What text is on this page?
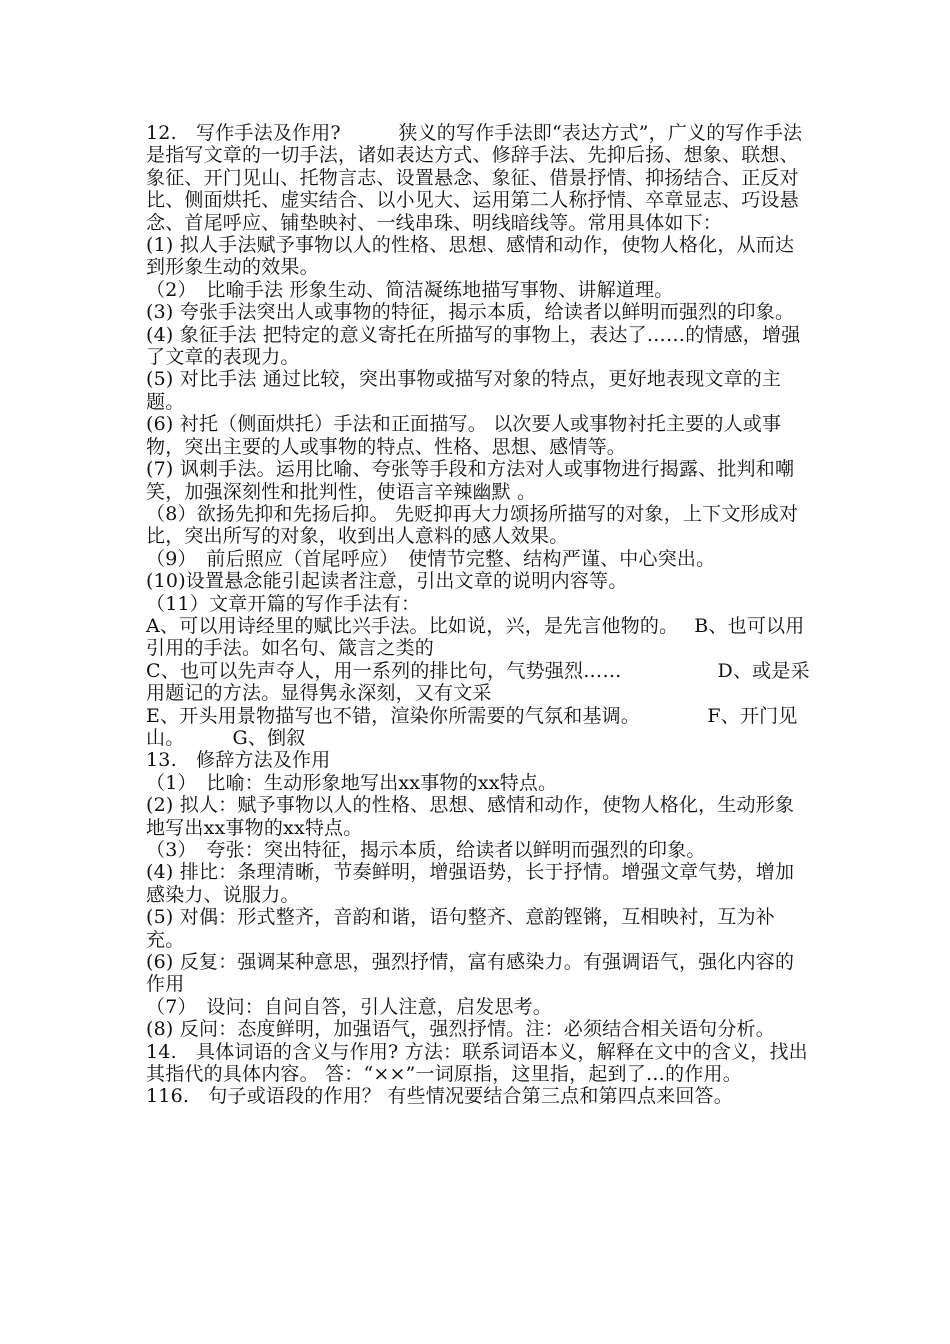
12.　写作手法及作用?　　　狭义的写作手法即“表达方式”，广义的写作手法是指写文章的一切手法，诸如表达方式、修辞手法、先抑后扬、想象、联想、象征、开门见山、托物言志、设置悬念、象征、借景抒情、抑扬结合、正反对比、侧面烘托、虚实结合、以小见大、运用第二人称抒情、卒章显志、巧设悬念、首尾呼应、铺垫映衬、一线串珠、明线暗线等。常用具体如下：

(1) 拟人手法赋予事物以人的性格、思想、感情和动作，使物人格化，从而达到形象生动的效果。

（2）　比喻手法 形象生动、简洁凝练地描写事物、讲解道理。

(3) 夸张手法突出人或事物的特征，揭示本质，给读者以鲜明而强烈的印象。

(4) 象征手法 把特定的意义寄托在所描写的事物上，表达了……的情感，增强了文章的表现力。

(5) 对比手法 通过比较，突出事物或描写对象的特点，更好地表现文章的主题。

(6) 衬托（侧面烘托）手法和正面描写。 以次要人或事物衬托主要的人或事物，突出主要的人或事物的特点、性格、思想、感情等。

(7) 讽刺手法。运用比喻、夸张等手段和方法对人或事物进行揭露、批判和嘲笑，加强深刻性和批判性，使语言辛辣幽默 。

（8）欲扬先抑和先扬后抑。 先贬抑再大力颂扬所描写的对象，上下文形成对比，突出所写的对象，收到出人意料的感人效果。

（9）　前后照应（首尾呼应）　使情节完整、结构严谨、中心突出。

(10)设置悬念能引起读者注意，引出文章的说明内容等。

（11）文章开篇的写作手法有：

A、可以用诗经里的赋比兴手法。比如说，兴，是先言他物的。　 B、也可以用引用的手法。如名句、箴言之类的

C、也可以先声夺人，用一系列的排比句，气势强烈……　　　　　D、或是采用题记的方法。显得隽永深刻，又有文采

E、开头用景物描写也不错，渲染你所需要的气氛和基调。　　　　F、开门见山。　　　G、倒叙

13.　修辞方法及作用

（1）　比喻：生动形象地写出xx事物的xx特点。

(2) 拟人：赋予事物以人的性格、思想、感情和动作，使物人格化，生动形象地写出xx事物的xx特点。

（3）　夸张：突出特征，揭示本质，给读者以鲜明而强烈的印象。

(4) 排比：条理清晰，节奏鲜明，增强语势，长于抒情。增强文章气势，增加感染力、说服力。

(5) 对偶：形式整齐，音韵和谐，语句整齐、意韵铿锵，互相映衬，互为补充。

(6) 反复：强调某种意思，强烈抒情，富有感染力。有强调语气，强化内容的作用

（7）　设问：自问自答，引人注意，启发思考。

(8) 反问：态度鲜明，加强语气，强烈抒情。注：必须结合相关语句分析。

14.　具体词语的含义与作用? 方法：联系词语本义，解释在文中的含义，找出其指代的具体内容。 答：“××”一词原指，这里指，起到了…的作用。

116.　句子或语段的作用？ 有些情况要结合第三点和第四点来回答。
